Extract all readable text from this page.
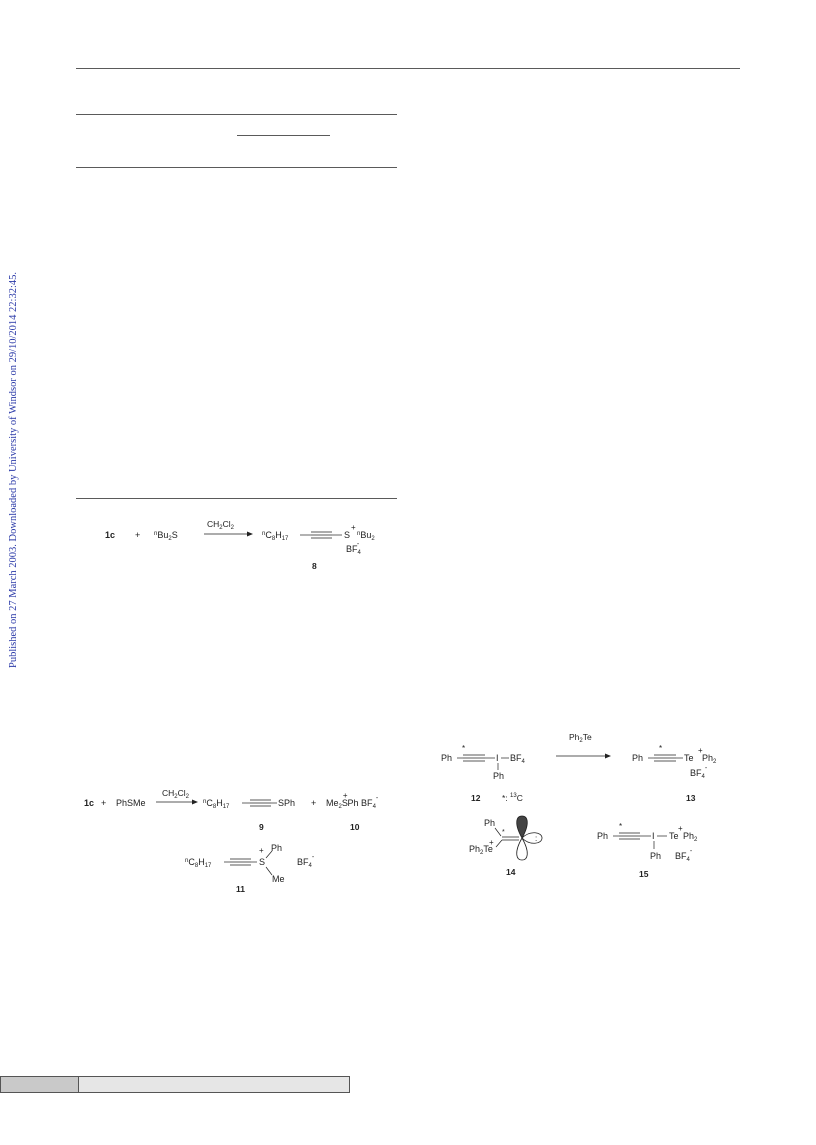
Published on 27 March 2003. Downloaded by University of Windsor on 29/10/2014 22:32:45.	$1c + ^nBu_2S$
$CH_2Cl_2$
$^nC_8H_{17}$	S
+
$^nBu_2$
$BF_4-$
8
1c + PhSMe
$CH_2Cl_2$
$^nC_8H_{17}$	SPh + $Me_2S+Ph$ $BF_4^-$
9	10
$^nC_8H_{17}$	S
+ Ph
Me
$BF_4^-$
11
Ph
*
I $BF_4$
Ph
$Ph_2Te$
Ph
*
Te
+
$Ph_2$
$BF_4^-$
12	*: $^{13}$C	13
Ph
*
+
$Ph_2Te$
:
14
Ph
*
I Te
+
$Ph_2$
Ph $BF_4^-$
15
